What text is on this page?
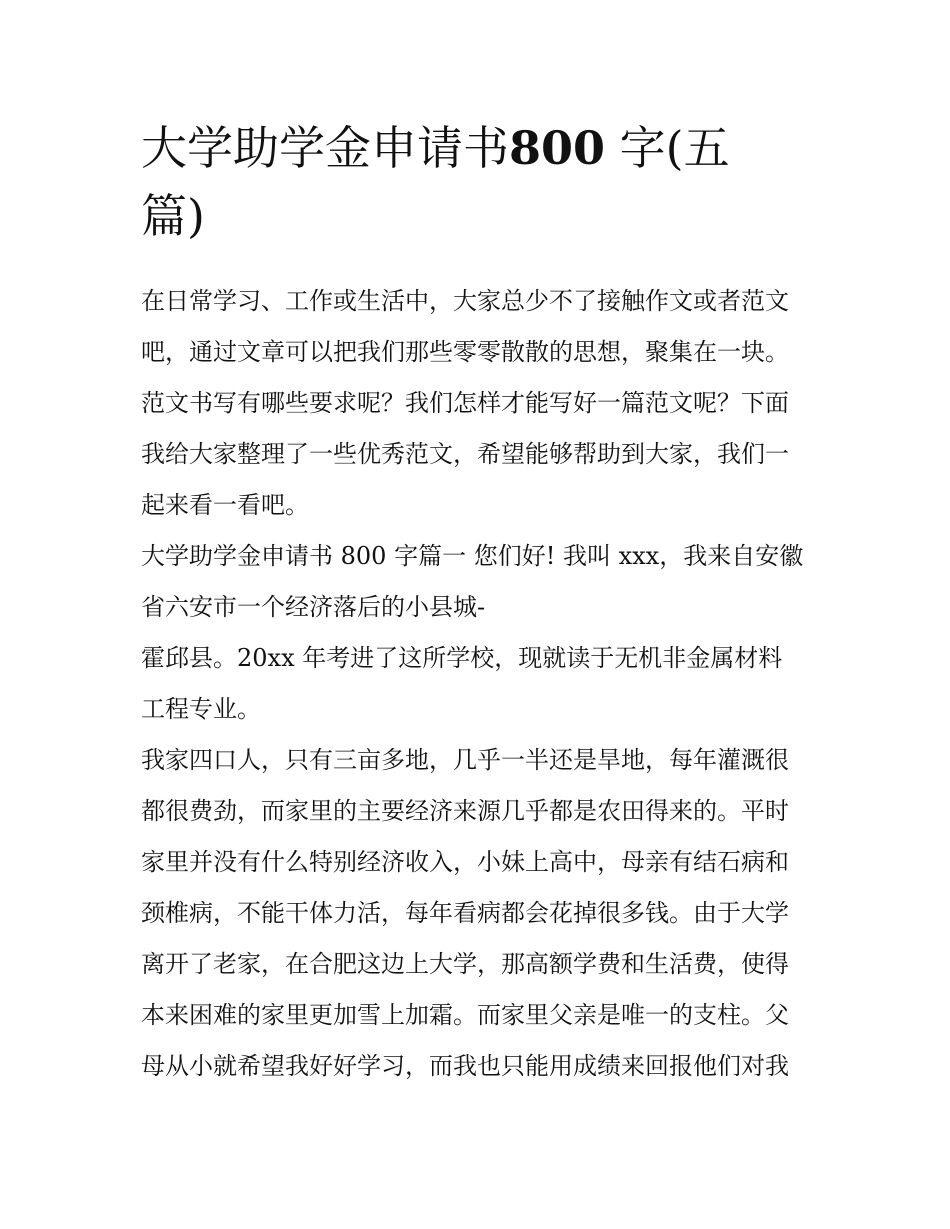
大学助学金申请书800 字(五
篇)

在日常学习、工作或生活中，大家总少不了接触作文或者范文
吧，通过文章可以把我们那些零零散散的思想，聚集在一块。
范文书写有哪些要求呢？我们怎样才能写好一篇范文呢？下面
我给大家整理了一些优秀范文，希望能够帮助到大家，我们一
起来看一看吧。

大学助学金申请书 800 字篇一 您们好! 我叫 xxx，我来自安徽
省六安市一个经济落后的小县城-

霍邱县。20xx 年考进了这所学校，现就读于无机非金属材料
工程专业。

我家四口人，只有三亩多地，几乎一半还是旱地，每年灌溉很
都很费劲，而家里的主要经济来源几乎都是农田得来的。平时
家里并没有什么特别经济收入，小妹上高中，母亲有结石病和
颈椎病，不能干体力活，每年看病都会花掉很多钱。由于大学
离开了老家，在合肥这边上大学，那高额学费和生活费，使得
本来困难的家里更加雪上加霜。而家里父亲是唯一的支柱。父
母从小就希望我好好学习，而我也只能用成绩来回报他们对我
